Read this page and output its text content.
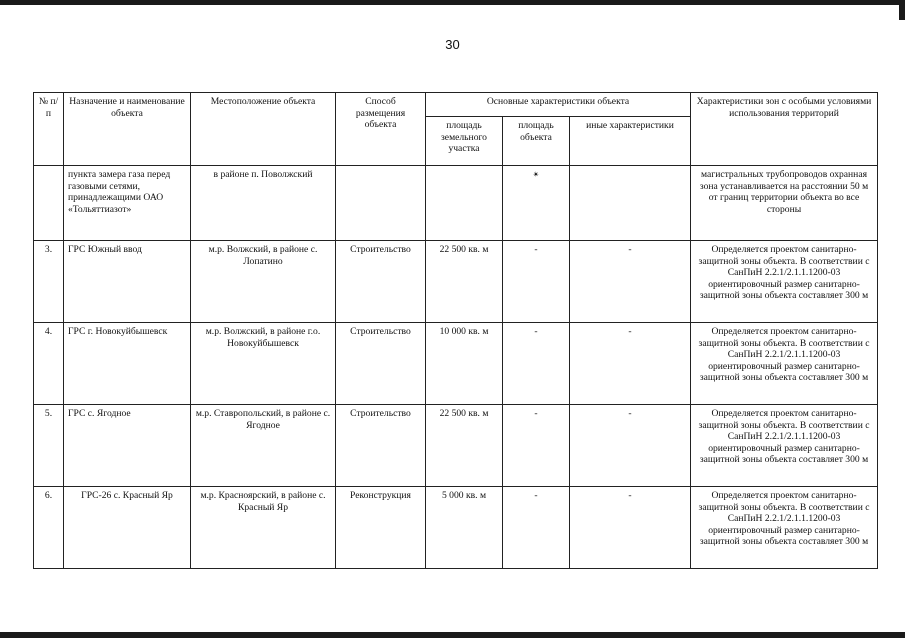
30
№ п/п	Назначение и наименование объекта	Местоположение объекта	Способ размещения объекта	Основные характеристики объекта			Характеристики зон с особыми условиями использования территорий
				площадь земельного участка	площадь объекта	иные характеристики	
	пункта замера газа перед газовыми сетями, принадлежащими ОАО «Тольяттиазот»	в районе п. Поволжский			✴		магистральных трубопроводов охранная зона устанавливается на расстоянии 50 м от границ территории объекта во все стороны
3.	ГРС Южный ввод	м.р. Волжский, в районе с. Лопатино	Строительство	22 500 кв. м	-	-	Определяется проектом санитарно-защитной зоны объекта. В соответствии с СанПиН 2.2.1/2.1.1.1200-03 ориентировочный размер санитарно-защитной зоны объекта составляет 300 м
4.	ГРС г. Новокуйбышевск	м.р. Волжский, в районе г.о. Новокуйбышевск	Строительство	10 000 кв. м	-	-	Определяется проектом санитарно-защитной зоны объекта. В соответствии с СанПиН 2.2.1/2.1.1.1200-03 ориентировочный размер санитарно-защитной зоны объекта составляет 300 м
5.	ГРС с. Ягодное	м.р. Ставропольский, в районе с. Ягодное	Строительство	22 500 кв. м	-	-	Определяется проектом санитарно-защитной зоны объекта. В соответствии с СанПиН 2.2.1/2.1.1.1200-03 ориентировочный размер санитарно-защитной зоны объекта составляет 300 м
6.	ГРС-26 с. Красный Яр	м.р. Красноярский, в районе с. Красный Яр	Реконструкция	5 000 кв. м	-	-	Определяется проектом санитарно-защитной зоны объекта. В соответствии с СанПиН 2.2.1/2.1.1.1200-03 ориентировочный размер санитарно-защитной зоны объекта составляет 300 м
